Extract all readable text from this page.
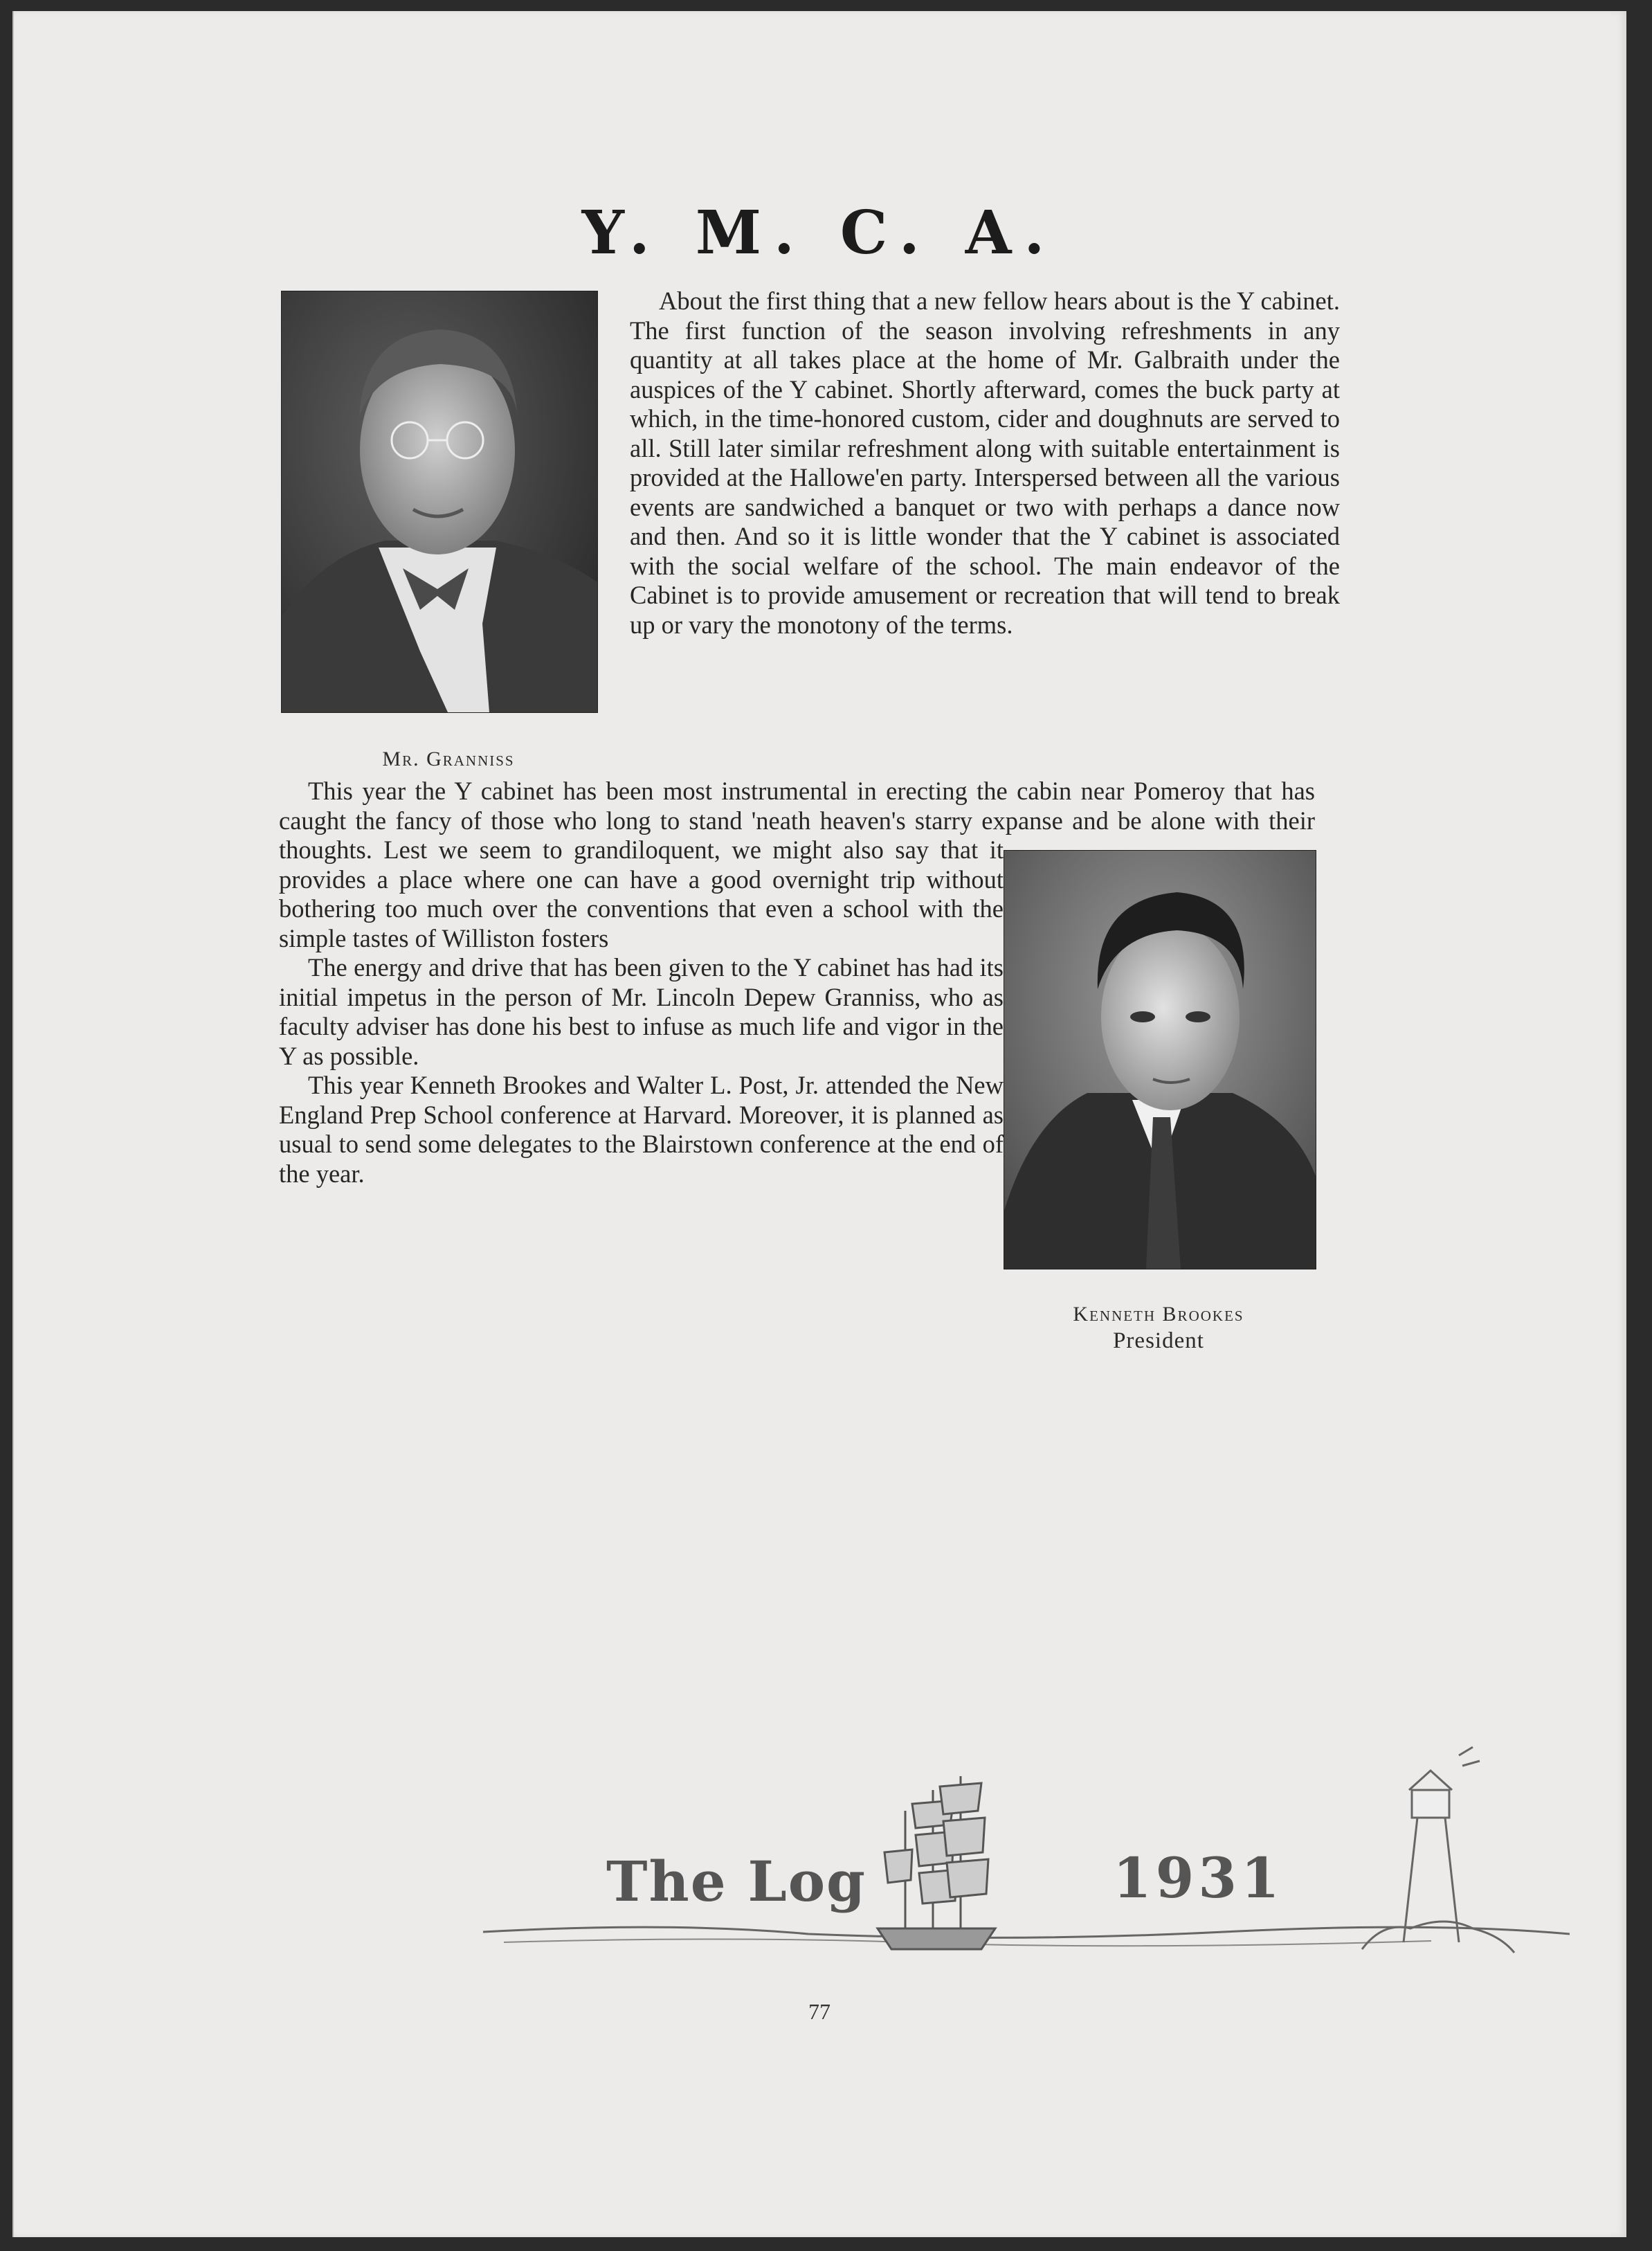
Y. M. C. A.
Mr. Granniss

About the first thing that a new fellow hears about is the Y cabinet. The first function of the season involving refreshments in any quantity at all takes place at the home of Mr. Galbraith under the auspices of the Y cabinet. Shortly afterward, comes the buck party at which, in the time-honored custom, cider and doughnuts are served to all. Still later similar refreshment along with suitable entertainment is provided at the Hallowe'en party. Interspersed between all the various events are sandwiched a banquet or two with perhaps a dance now and then. And so it is little wonder that the Y cabinet is associated with the social welfare of the school. The main endeavor of the Cabinet is to provide amusement or recreation that will tend to break up or vary the monotony of the terms.

Kenneth Brookes
President

This year the Y cabinet has been most instrumental in erecting the cabin near Pomeroy that has caught the fancy of those who long to stand 'neath heaven's starry expanse and be alone with their thoughts. Lest we seem to grandiloquent, we might also say that it provides a place where one can have a good overnight trip without bothering too much over the conventions that even a school with the simple tastes of Williston fosters

The energy and drive that has been given to the Y cabinet has had its initial impetus in the person of Mr. Lincoln Depew Granniss, who as faculty adviser has done his best to infuse as much life and vigor in the Y as possible.

This year Kenneth Brookes and Walter L. Post, Jr. attended the New England Prep School conference at Harvard. Moreover, it is planned as usual to send some delegates to the Blairstown conference at the end of the year.

The Log	1931
77
